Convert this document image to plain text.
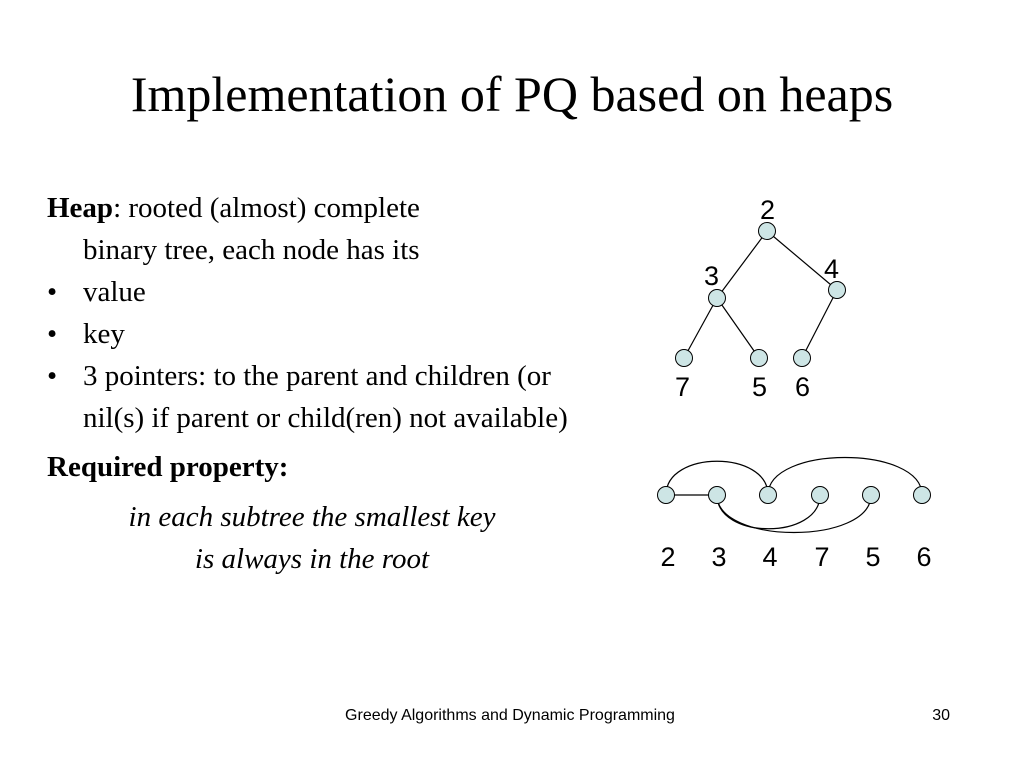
Implementation of PQ based on heaps
Heap: rooted (almost) complete
binary tree, each node has its
• value
• key
• 3 pointers: to the parent and children (or nil(s) if parent or child(ren) not available)
Required property:
in each subtree the smallest key
is always in the root
2
3	4
7 5 6
2 3 4 7 5 6
Greedy Algorithms and Dynamic Programming	30
